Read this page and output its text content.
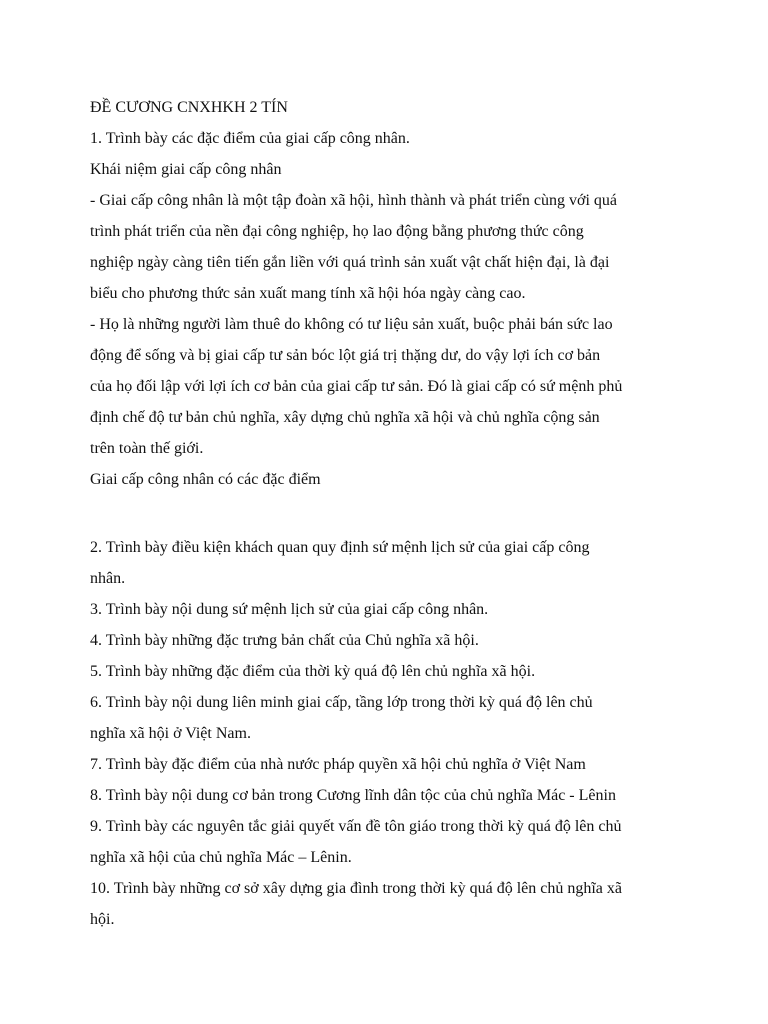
ĐỀ CƯƠNG CNXHKH 2 TÍN
1. Trình bày các đặc điểm của giai cấp công nhân.
Khái niệm giai cấp công nhân
- Giai cấp công nhân là một tập đoàn xã hội, hình thành và phát triển cùng với quá
trình phát triển của nền đại công nghiệp, họ lao động bằng phương thức công
nghiệp ngày càng tiên tiến gắn liền với quá trình sản xuất vật chất hiện đại, là đại
biểu cho phương thức sản xuất mang tính xã hội hóa ngày càng cao.
- Họ là những người làm thuê do không có tư liệu sản xuất, buộc phải bán sức lao
động để sống và bị giai cấp tư sản bóc lột giá trị thặng dư, do vậy lợi ích cơ bản
của họ đối lập với lợi ích cơ bản của giai cấp tư sản. Đó là giai cấp có sứ mệnh phủ
định chế độ tư bản chủ nghĩa, xây dựng chủ nghĩa xã hội và chủ nghĩa cộng sản
trên toàn thế giới.
Giai cấp công nhân có các đặc điểm
2. Trình bày điều kiện khách quan quy định sứ mệnh lịch sử của giai cấp công
nhân.
3. Trình bày nội dung sứ mệnh lịch sử của giai cấp công nhân.
4. Trình bày những đặc trưng bản chất của Chủ nghĩa xã hội.
5. Trình bày những đặc điểm của thời kỳ quá độ lên chủ nghĩa xã hội.
6. Trình bày nội dung liên minh giai cấp, tầng lớp trong thời kỳ quá độ lên chủ
nghĩa xã hội ở Việt Nam.
7. Trình bày đặc điểm của nhà nước pháp quyền xã hội chủ nghĩa ở Việt Nam
8. Trình bày nội dung cơ bản trong Cương lĩnh dân tộc của chủ nghĩa Mác - Lênin
9. Trình bày các nguyên tắc giải quyết vấn đề tôn giáo trong thời kỳ quá độ lên chủ
nghĩa xã hội của chủ nghĩa Mác – Lênin.
10. Trình bày những cơ sở xây dựng gia đình trong thời kỳ quá độ lên chủ nghĩa xã
hội.
